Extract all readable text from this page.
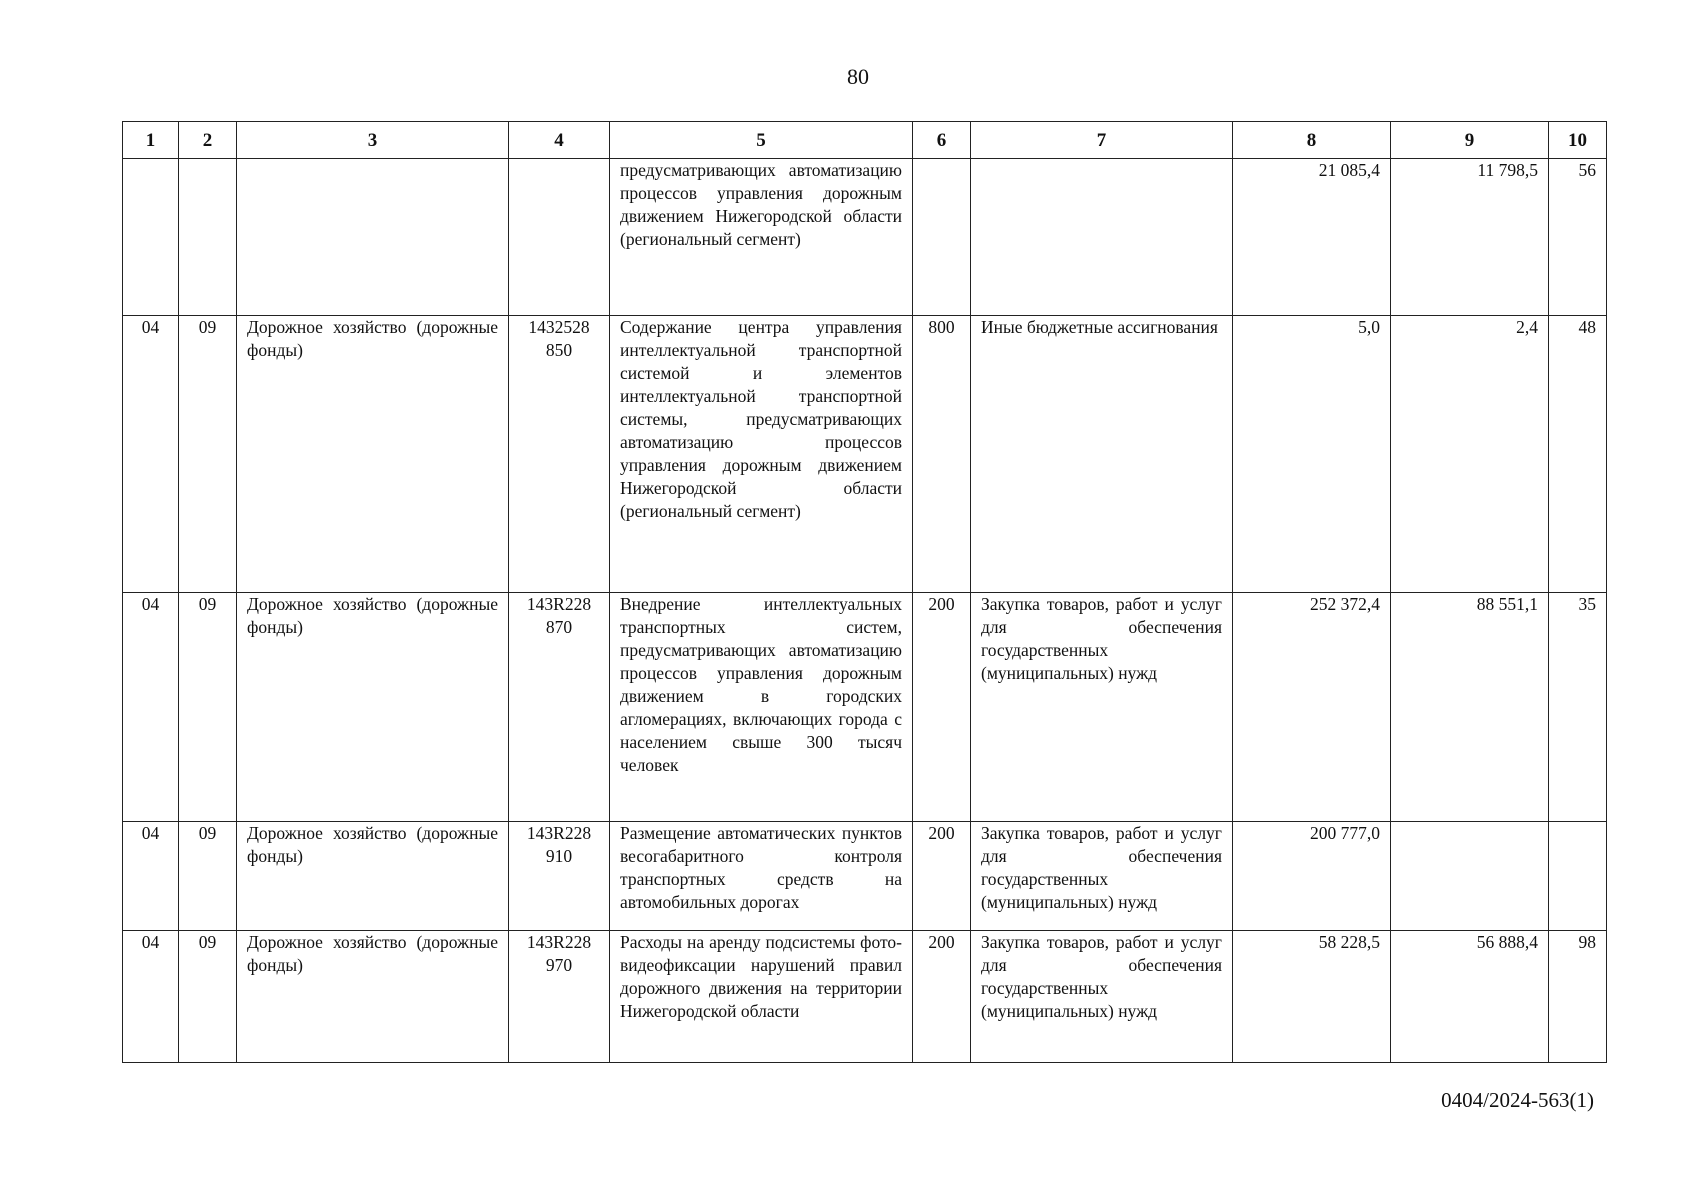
80
1	2	3	4	5	6	7	8	9	10
				предусматривающих автоматизацию процессов управления дорожным движением Нижегородской области (региональный сегмент)			21 085,4	11 798,5	56
04	09	Дорожное хозяйство (дорожные фонды)	1432528 850	Содержание центра управления интеллектуальной транспортной системой и элементов интеллектуальной транспортной системы, предусматривающих автоматизацию процессов управления дорожным движением Нижегородской области (региональный сегмент)	800	Иные бюджетные ассигнования	5,0	2,4	48
04	09	Дорожное хозяйство (дорожные фонды)	143R228 870	Внедрение интеллектуальных транспортных систем, предусматривающих автоматизацию процессов управления дорожным движением в городских агломерациях, включающих города с населением свыше 300 тысяч человек	200	Закупка товаров, работ и услуг для обеспечения государственных (муниципальных) нужд	252 372,4	88 551,1	35
04	09	Дорожное хозяйство (дорожные фонды)	143R228 910	Размещение автоматических пунктов весогабаритного контроля транспортных средств на автомобильных дорогах	200	Закупка товаров, работ и услуг для обеспечения государственных (муниципальных) нужд	200 777,0		
04	09	Дорожное хозяйство (дорожные фонды)	143R228 970	Расходы на аренду подсистемы фото-видеофиксации нарушений правил дорожного движения на территории Нижегородской области	200	Закупка товаров, работ и услуг для обеспечения государственных (муниципальных) нужд	58 228,5	56 888,4	98
0404/2024-563(1)
